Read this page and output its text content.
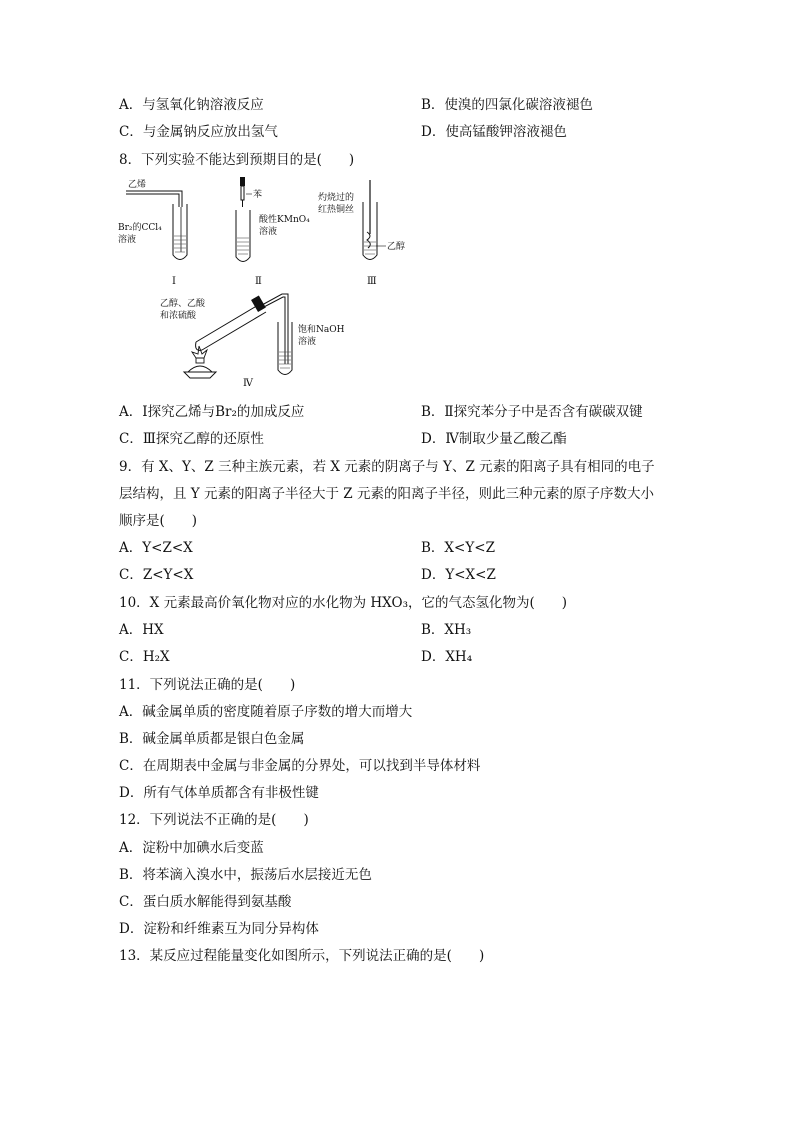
A．与氢氧化钠溶液反应	B．使溴的四氯化碳溶液褪色
C．与金属钠反应放出氢气	D．使高锰酸钾溶液褪色
8．下列实验不能达到预期目的是(　　)
乙烯
Br₂的CCl₄
溶液
Ⅰ
苯
酸性KMnO₄
溶液
Ⅱ
灼烧过的
红热铜丝
乙醇
Ⅲ
乙醇、乙酸
和浓硫酸
饱和NaOH
溶液
Ⅳ
A．Ⅰ探究乙烯与Br₂的加成反应	B．Ⅱ探究苯分子中是否含有碳碳双键
C．Ⅲ探究乙醇的还原性	D．Ⅳ制取少量乙酸乙酯
9．有 X、Y、Z 三种主族元素，若 X 元素的阴离子与 Y、Z 元素的阳离子具有相同的电子
层结构，且 Y 元素的阳离子半径大于 Z 元素的阳离子半径，则此三种元素的原子序数大小
顺序是(　　)
A．Y<Z<X	B．X<Y<Z
C．Z<Y<X	D．Y<X<Z
10．X 元素最高价氧化物对应的水化物为 HXO₃，它的气态氢化物为(　　)
A．HX	B．XH₃
C．H₂X	D．XH₄
11．下列说法正确的是(　　)
A．碱金属单质的密度随着原子序数的增大而增大
B．碱金属单质都是银白色金属
C．在周期表中金属与非金属的分界处，可以找到半导体材料
D．所有气体单质都含有非极性键
12．下列说法不正确的是(　　)
A．淀粉中加碘水后变蓝
B．将苯滴入溴水中，振荡后水层接近无色
C．蛋白质水解能得到氨基酸
D．淀粉和纤维素互为同分异构体
13．某反应过程能量变化如图所示，下列说法正确的是(　　)
